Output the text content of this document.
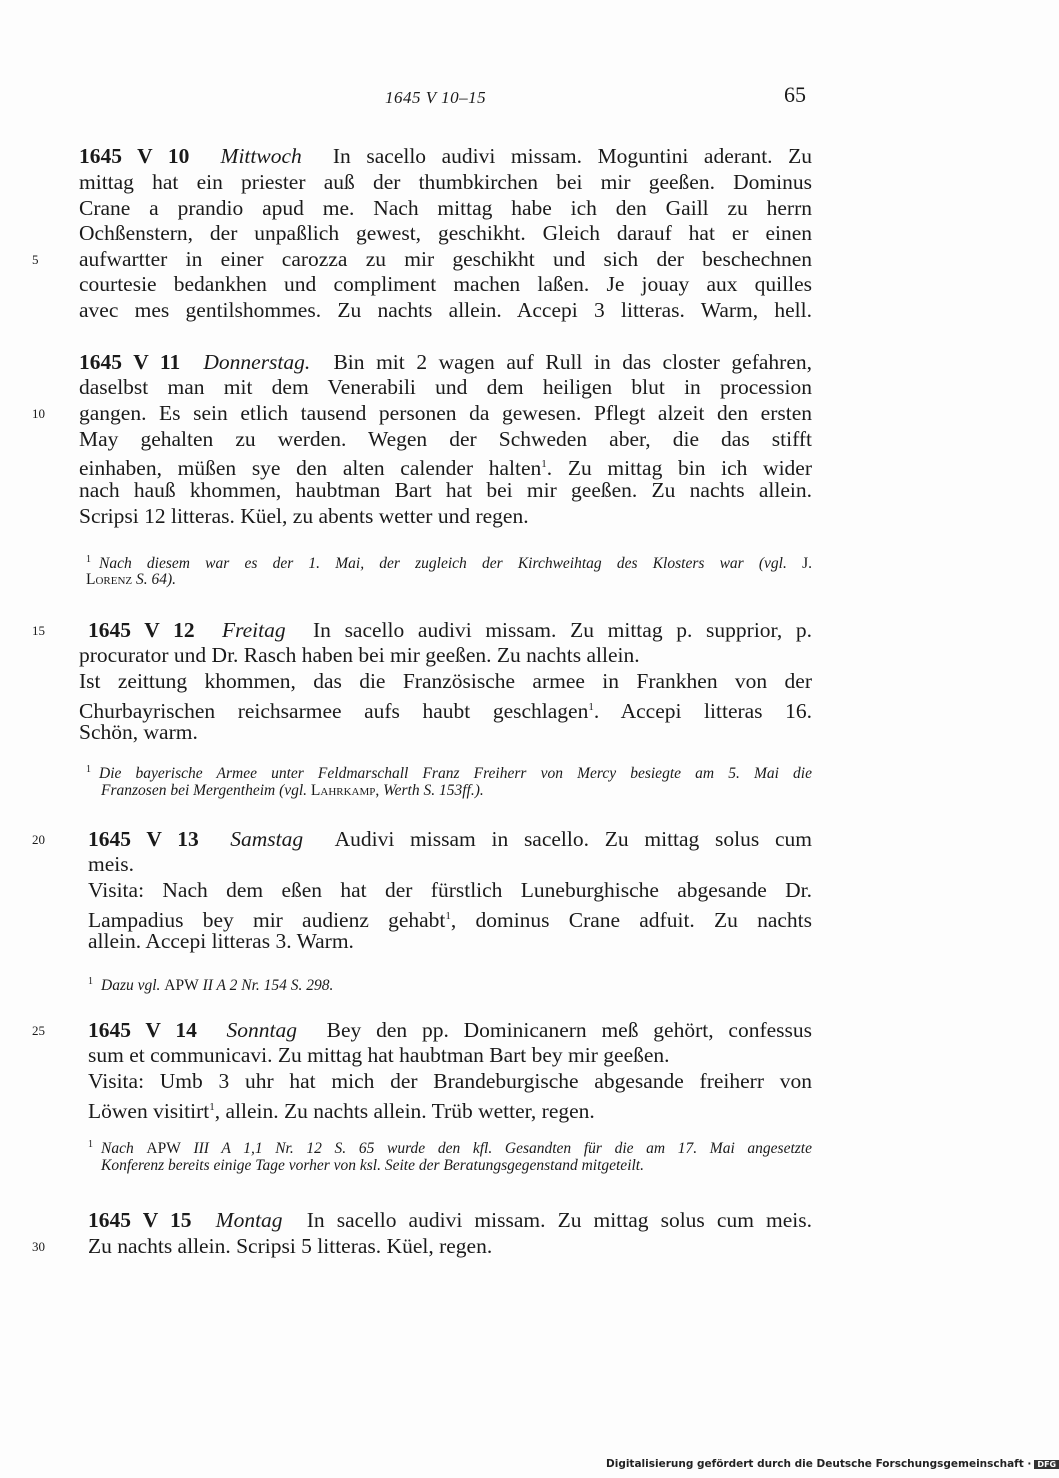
1645 V 10–15	65
1645 V 10 Mittwoch In sacello audivi missam. Moguntini aderant. Zu
mittag hat ein priester auß der thumbkirchen bei mir geeßen. Dominus
Crane a prandio apud me. Nach mittag habe ich den Gaill zu herrn
Ochßenstern, der unpaßlich gewest, geschikht. Gleich darauf hat er einen
aufwartter in einer carozza zu mir geschikht und sich der beschechnen
courtesie bedankhen und compliment machen laßen. Je jouay aux quilles
avec mes gentilshommes. Zu nachts allein. Accepi 3 litteras. Warm, hell.
1645 V 11 Donnerstag. Bin mit 2 wagen auf Rull in das closter gefahren,
daselbst man mit dem Venerabili und dem heiligen blut in procession
gangen. Es sein etlich tausend personen da gewesen. Pflegt alzeit den ersten
May gehalten zu werden. Wegen der Schweden aber, die das stifft
einhaben, müßen sye den alten calender halten$^1$. Zu mittag bin ich wider
nach hauß khommen, haubtman Bart hat bei mir geeßen. Zu nachts allein.
Scripsi 12 litteras. Küel, zu abents wetter und regen.
$^1$ Nach diesem war es der 1. Mai, der zugleich der Kirchweihtag des Klosters war (vgl. J.
Lorenz S. 64).
1645 V 12 Freitag In sacello audivi missam. Zu mittag p. supprior, p.
procurator und Dr. Rasch haben bei mir geeßen. Zu nachts allein.
Ist zeittung khommen, das die Französische armee in Frankhen von der
Churbayrischen reichsarmee aufs haubt geschlagen$^1$. Accepi litteras 16.
Schön, warm.
$^1$ Die bayerische Armee unter Feldmarschall Franz Freiherr von Mercy besiegte am 5. Mai die
Franzosen bei Mergentheim (vgl. Lahrkamp, Werth S. 153ff.).
1645 V 13 Samstag Audivi missam in sacello. Zu mittag solus cum
meis.
Visita: Nach dem eßen hat der fürstlich Luneburghische abgesande Dr.
Lampadius bey mir audienz gehabt$^1$, dominus Crane adfuit. Zu nachts
allein. Accepi litteras 3. Warm.
$^1$ Dazu vgl. APW II A 2 Nr. 154 S. 298.
1645 V 14 Sonntag Bey den pp. Dominicanern meß gehört, confessus
sum et communicavi. Zu mittag hat haubtman Bart bey mir geeßen.
Visita: Umb 3 uhr hat mich der Brandeburgische abgesande freiherr von
Löwen visitirt$^1$, allein. Zu nachts allein. Trüb wetter, regen.
$^1$ Nach APW III A 1,1 Nr. 12 S. 65 wurde den kfl. Gesandten für die am 17. Mai angesetzte
Konferenz bereits einige Tage vorher von ksl. Seite der Beratungsgegenstand mitgeteilt.
1645 V 15 Montag In sacello audivi missam. Zu mittag solus cum meis.
Zu nachts allein. Scripsi 5 litteras. Küel, regen.
5
10
15
20
25
30
Digitalisierung gefördert durch die Deutsche Forschungsgemeinschaft · DFG
